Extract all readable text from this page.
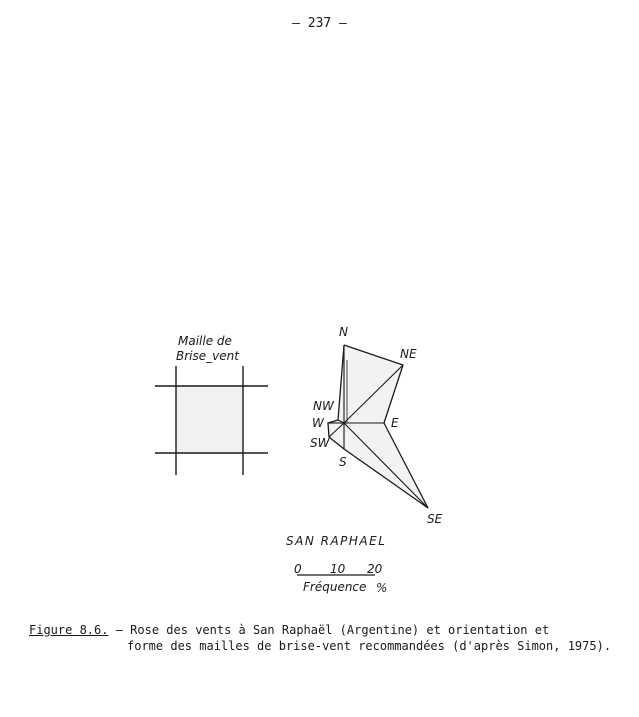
– 237 –
Maille de
Brise_vent
N
NE
E
SE
S
SW
W
NW
SAN RAPHAEL
0 10 20
Fréquence %
Figure 8.6. – Rose des vents à San Raphaël (Argentine) et orientation et
forme des mailles de brise-vent recommandées (d'après Simon, 1975).
